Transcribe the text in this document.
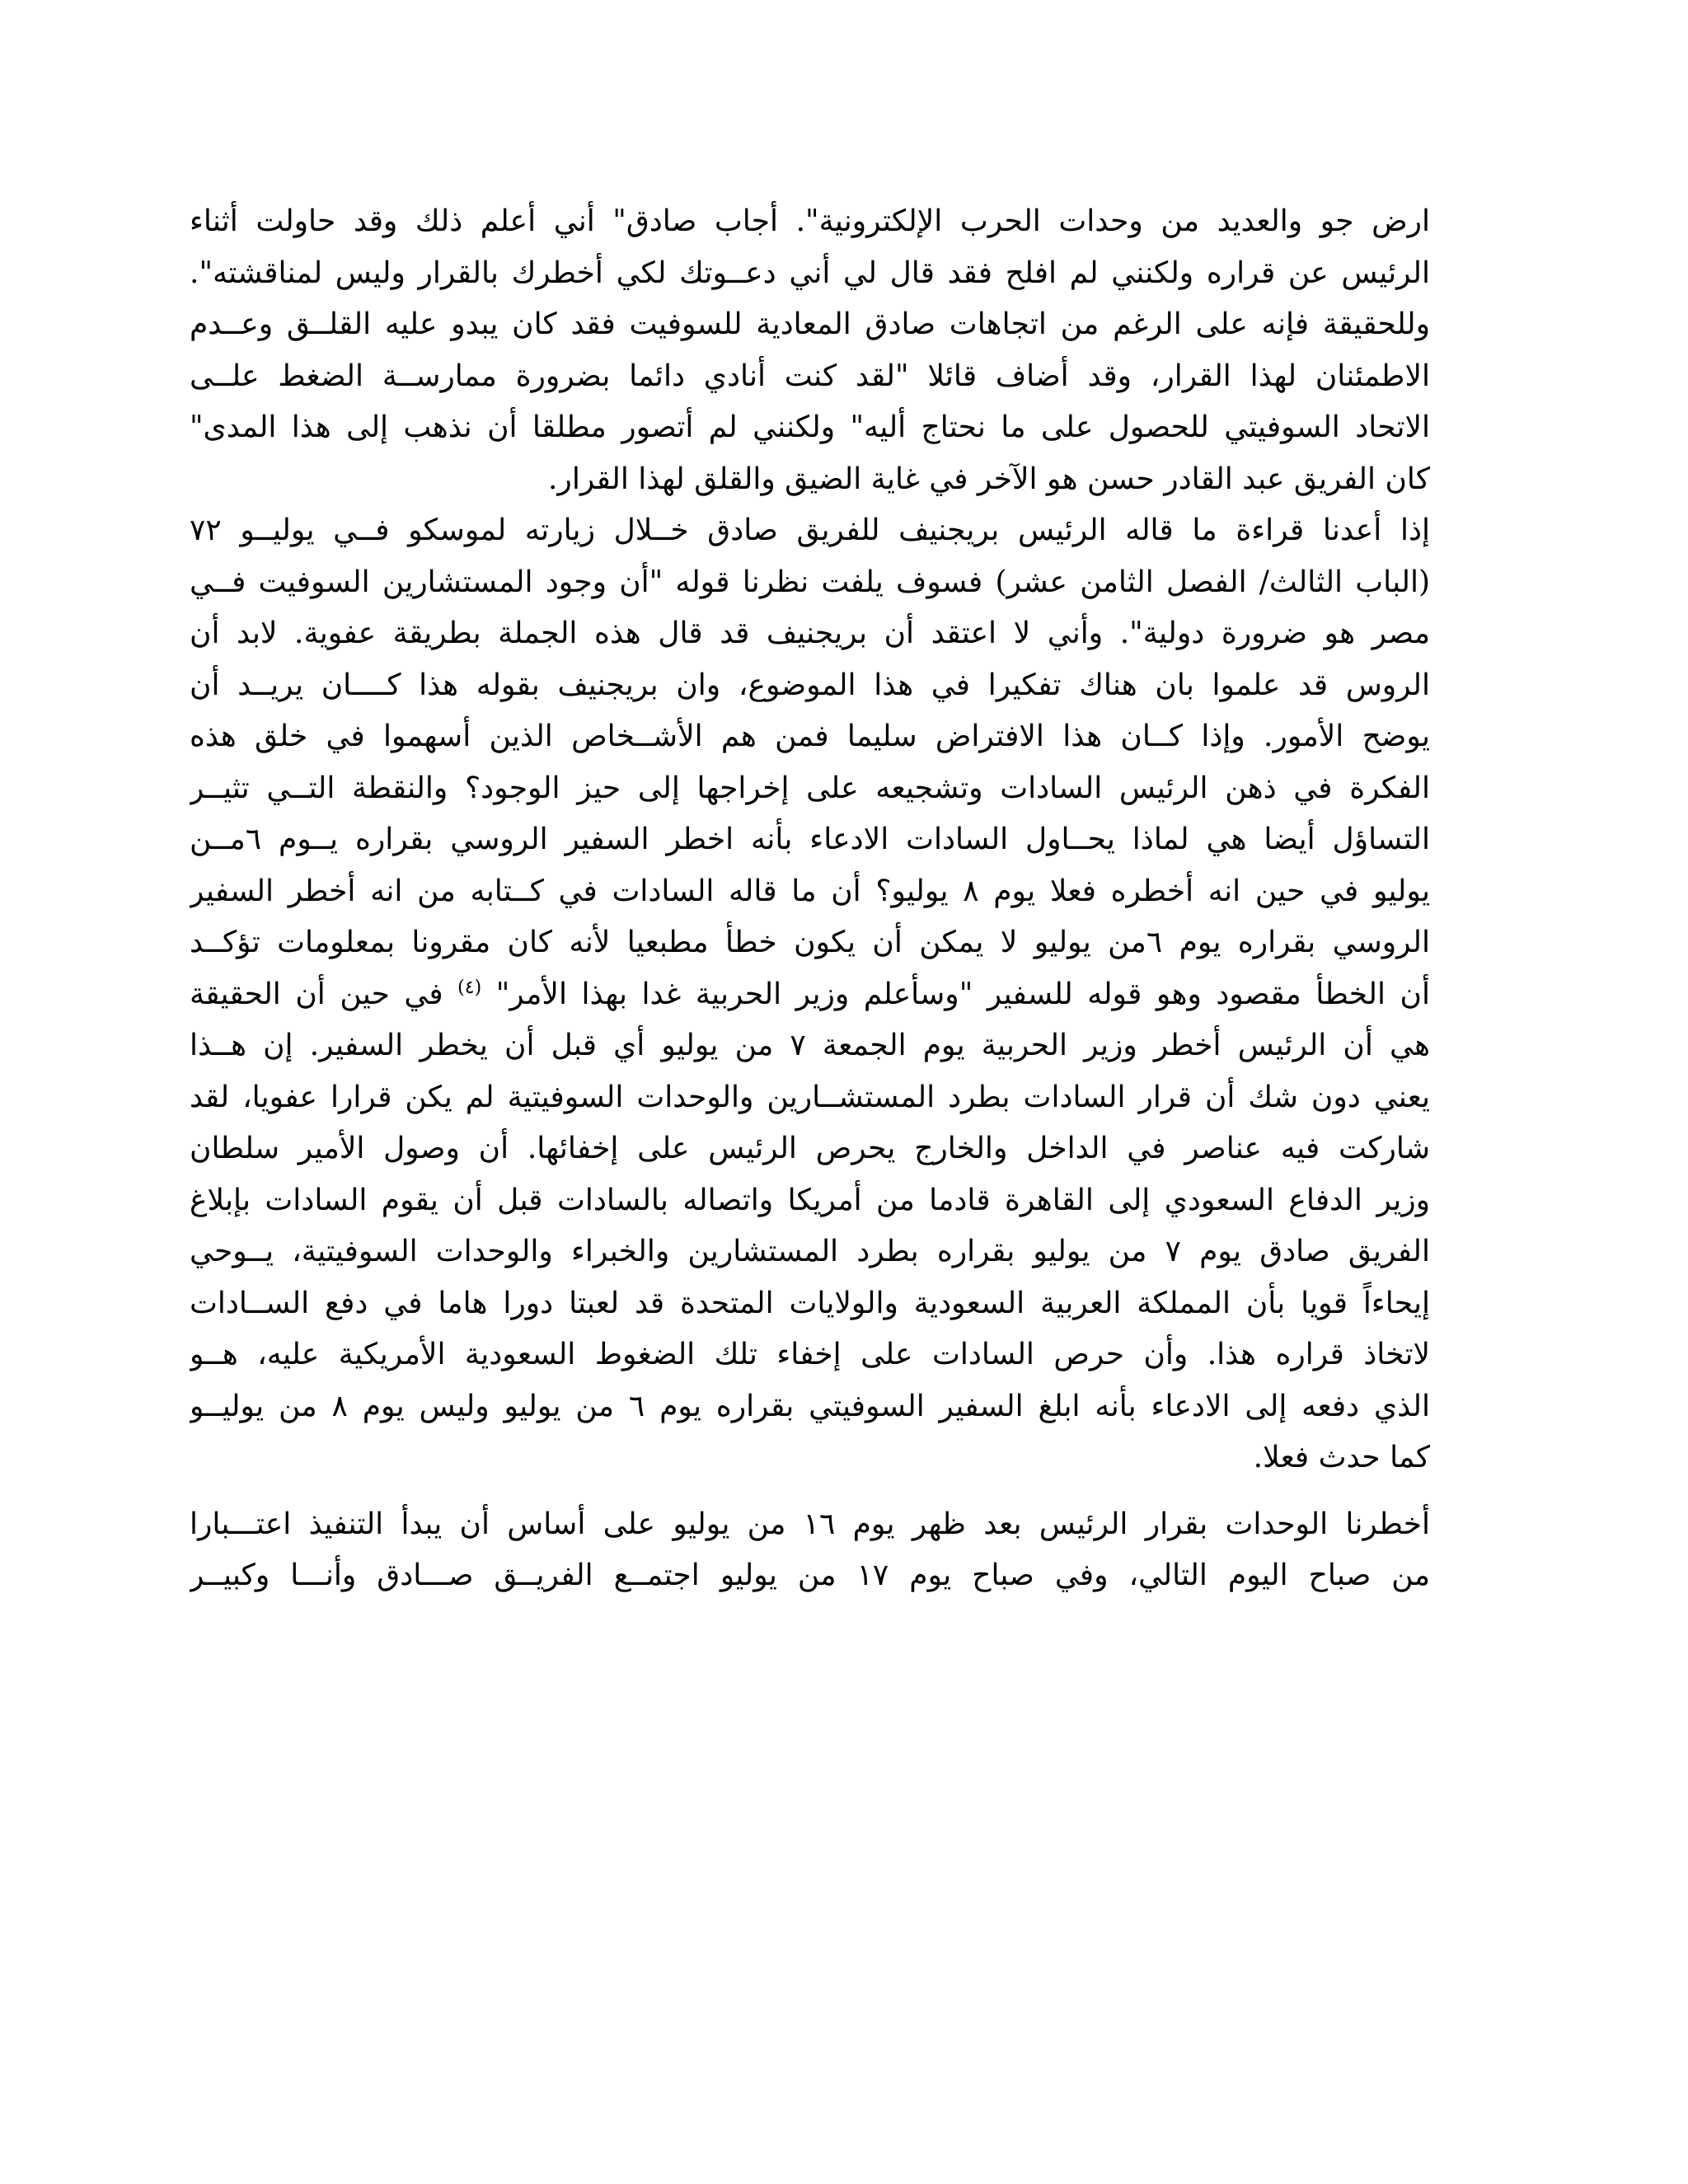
ارض جو والعديد من وحدات الحرب الإلكترونية". أجاب صادق" أني أعلم ذلك وقد حاولت أثناء
الرئيس عن قراره ولكنني لم افلح فقد قال لي أني دعــوتك لكي أخطرك بالقرار وليس لمناقشته".
وللحقيقة فإنه على الرغم من اتجاهات صادق المعادية للسوفيت فقد كان يبدو عليه القلــق وعــدم
الاطمئنان لهذا القرار، وقد أضاف قائلا "لقد كنت أنادي دائما بضرورة ممارســة الضغط علــى
الاتحاد السوفيتي للحصول على ما نحتاج أليه" ولكنني لم أتصور مطلقا أن نذهب إلى هذا المدى"
كان الفريق عبد القادر حسن هو الآخر في غاية الضيق والقلق لهذا القرار.
إذا أعدنا قراءة ما قاله الرئيس بريجنيف للفريق صادق خــلال زيارته لموسكو فــي يوليــو ٧٢
(الباب الثالث/ الفصل الثامن عشر) فسوف يلفت نظرنا قوله "أن وجود المستشارين السوفيت فــي
مصر هو ضرورة دولية". وأني لا اعتقد أن بريجنيف قد قال هذه الجملة بطريقة عفوية. لابد أن
الروس قد علموا بان هناك تفكيرا في هذا الموضوع، وان بريجنيف بقوله هذا كــــان يريــد أن
يوضح الأمور. وإذا كــان هذا الافتراض سليما فمن هم الأشــخاص الذين أسهموا في خلق هذه
الفكرة في ذهن الرئيس السادات وتشجيعه على إخراجها إلى حيز الوجود؟ والنقطة التــي تثيــر
التساؤل أيضا هي لماذا يحــاول السادات الادعاء بأنه اخطر السفير الروسي بقراره يــوم ٦مــن
يوليو في حين انه أخطره فعلا يوم ٨ يوليو؟ أن ما قاله السادات في كــتابه من انه أخطر السفير
الروسي بقراره يوم ٦من يوليو لا يمكن أن يكون خطأ مطبعيا لأنه كان مقرونا بمعلومات تؤكــد
أن الخطأ مقصود وهو قوله للسفير "وسأعلم وزير الحربية غدا بهذا الأمر" $^{(٤)}$ في حين أن الحقيقة
هي أن الرئيس أخطر وزير الحربية يوم الجمعة ٧ من يوليو أي قبل أن يخطر السفير. إن هــذا
يعني دون شك أن قرار السادات بطرد المستشــارين والوحدات السوفيتية لم يكن قرارا عفويا، لقد
شاركت فيه عناصر في الداخل والخارج يحرص الرئيس على إخفائها. أن وصول الأمير سلطان
وزير الدفاع السعودي إلى القاهرة قادما من أمريكا واتصاله بالسادات قبل أن يقوم السادات بإبلاغ
الفريق صادق يوم ٧ من يوليو بقراره بطرد المستشارين والخبراء والوحدات السوفيتية، يــوحي
إيحاءاً قويا بأن المملكة العربية السعودية والولايات المتحدة قد لعبتا دورا هاما في دفع الســادات
لاتخاذ قراره هذا. وأن حرص السادات على إخفاء تلك الضغوط السعودية الأمريكية عليه، هــو
الذي دفعه إلى الادعاء بأنه ابلغ السفير السوفيتي بقراره يوم ٦ من يوليو وليس يوم ٨ من يوليــو
كما حدث فعلا.
أخطرنا الوحدات بقرار الرئيس بعد ظهر يوم ١٦ من يوليو على أساس أن يبدأ التنفيذ اعتـــبارا
من صباح اليوم التالي، وفي صباح يوم ١٧ من يوليو اجتمــع الفريــق صـــادق وأنـــا وكبيــر
